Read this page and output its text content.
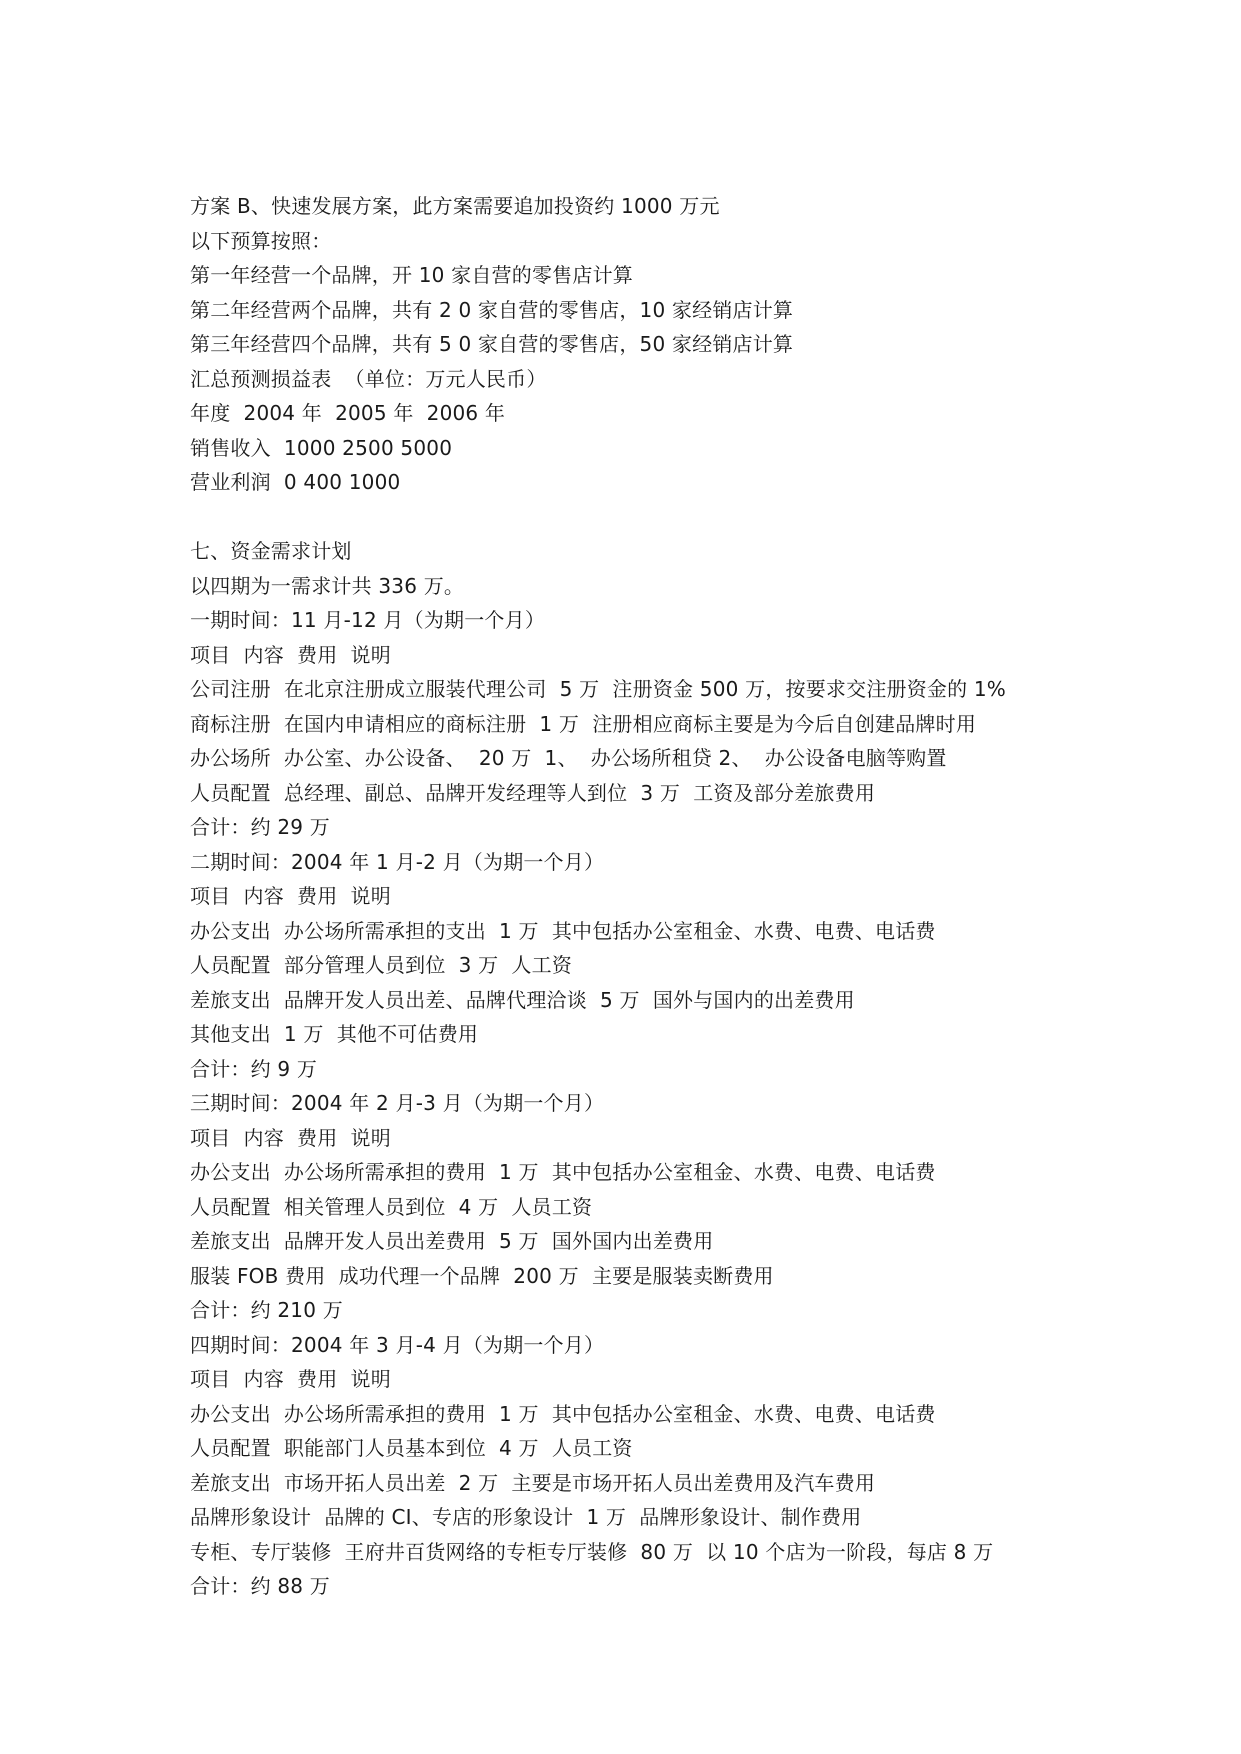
方案 B、快速发展方案，此方案需要追加投资约 1000 万元
以下预算按照：
第一年经营一个品牌，开 10 家自营的零售店计算
第二年经营两个品牌，共有 2 0 家自营的零售店，10 家经销店计算
第三年经营四个品牌，共有 5 0 家自营的零售店，50 家经销店计算
汇总预测损益表  （单位：万元人民币）
年度  2004 年  2005 年  2006 年
销售收入  1000 2500 5000
营业利润  0 400 1000
七、资金需求计划
以四期为一需求计共 336 万。
一期时间：11 月-12 月（为期一个月）
项目  内容  费用  说明
公司注册  在北京注册成立服装代理公司  5 万  注册资金 500 万，按要求交注册资金的 1%
商标注册  在国内申请相应的商标注册  1 万  注册相应商标主要是为今后自创建品牌时用
办公场所  办公室、办公设备、  20 万  1、  办公场所租贷 2、  办公设备电脑等购置
人员配置  总经理、副总、品牌开发经理等人到位  3 万  工资及部分差旅费用
合计：约 29 万
二期时间：2004 年 1 月-2 月（为期一个月）
项目  内容  费用  说明
办公支出  办公场所需承担的支出  1 万  其中包括办公室租金、水费、电费、电话费
人员配置  部分管理人员到位  3 万  人工资
差旅支出  品牌开发人员出差、品牌代理洽谈  5 万  国外与国内的出差费用
其他支出  1 万  其他不可估费用
合计：约 9 万
三期时间：2004 年 2 月-3 月（为期一个月）
项目  内容  费用  说明
办公支出  办公场所需承担的费用  1 万  其中包括办公室租金、水费、电费、电话费
人员配置  相关管理人员到位  4 万  人员工资
差旅支出  品牌开发人员出差费用  5 万  国外国内出差费用
服装 FOB 费用  成功代理一个品牌  200 万  主要是服装卖断费用
合计：约 210 万
四期时间：2004 年 3 月-4 月（为期一个月）
项目  内容  费用  说明
办公支出  办公场所需承担的费用  1 万  其中包括办公室租金、水费、电费、电话费
人员配置  职能部门人员基本到位  4 万  人员工资
差旅支出  市场开拓人员出差  2 万  主要是市场开拓人员出差费用及汽车费用
品牌形象设计  品牌的 CI、专店的形象设计  1 万  品牌形象设计、制作费用
专柜、专厅装修  王府井百货网络的专柜专厅装修  80 万  以 10 个店为一阶段，每店 8 万
合计：约 88 万
